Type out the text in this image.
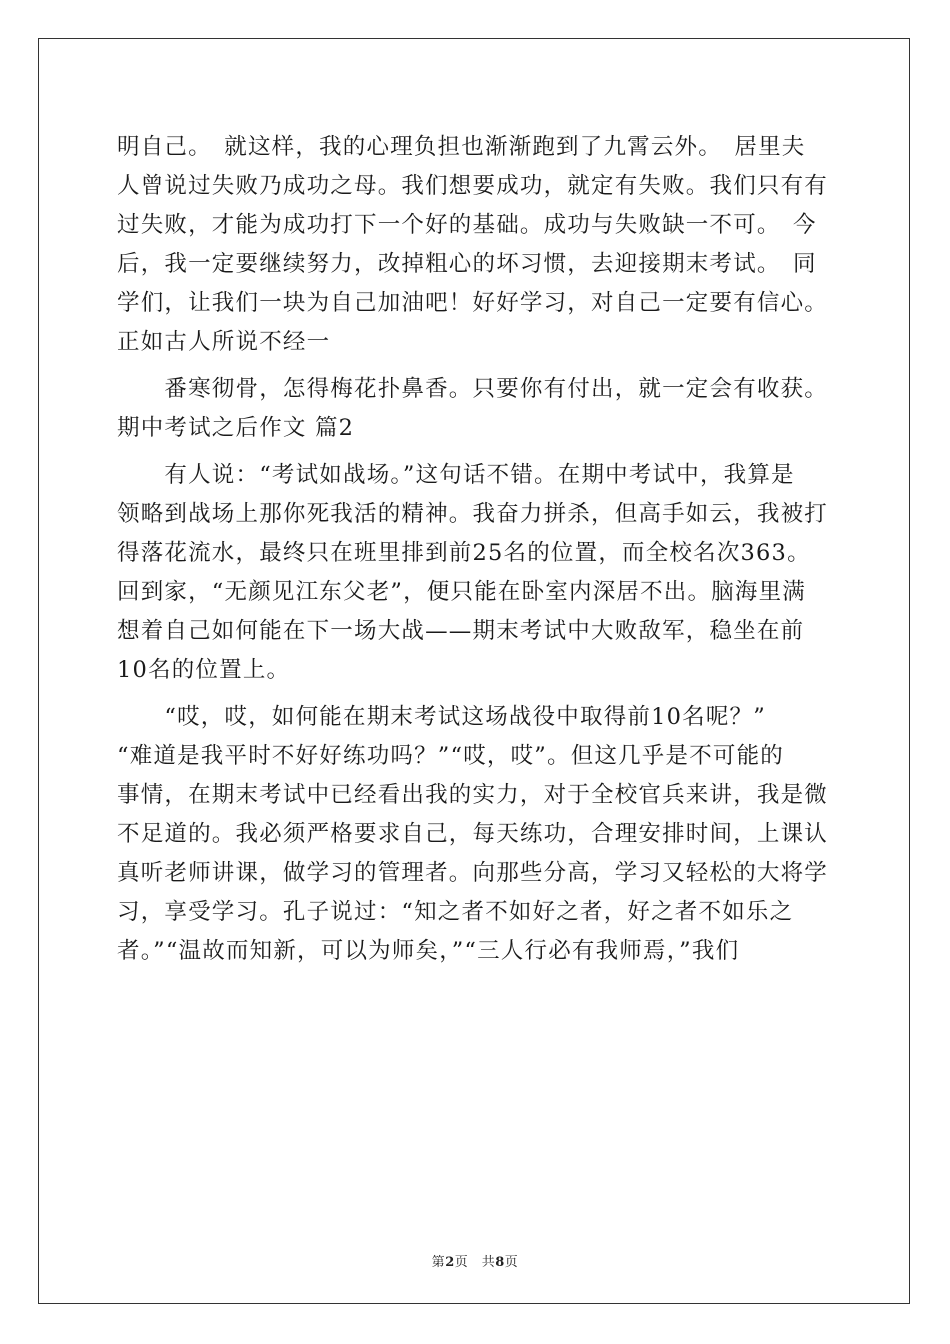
明自己。　就这样，我的心理负担也渐渐跑到了九霄云外。　居里夫
人曾说过失败乃成功之母。我们想要成功，就定有失败。我们只有有
过失败，才能为成功打下一个好的基础。成功与失败缺一不可。　今
后，我一定要继续努力，改掉粗心的坏习惯，去迎接期末考试。　同
学们，让我们一块为自己加油吧！好好学习，对自己一定要有信心。
正如古人所说不经一
　　番寒彻骨，怎得梅花扑鼻香。只要你有付出，就一定会有收获。
期中考试之后作文 篇2
　　有人说：“考试如战场。”这句话不错。在期中考试中，我算是
领略到战场上那你死我活的精神。我奋力拼杀，但高手如云，我被打
得落花流水，最终只在班里排到前25名的位置，而全校名次363。
回到家，“无颜见江东父老”，便只能在卧室内深居不出。脑海里满
想着自己如何能在下一场大战——期末考试中大败敌军，稳坐在前
10名的位置上。
　　“哎，哎，如何能在期末考试这场战役中取得前10名呢？”
“难道是我平时不好好练功吗？”“哎，哎”。但这几乎是不可能的
事情，在期末考试中已经看出我的实力，对于全校官兵来讲，我是微
不足道的。我必须严格要求自己，每天练功，合理安排时间，上课认
真听老师讲课，做学习的管理者。向那些分高，学习又轻松的大将学
习，享受学习。孔子说过：“知之者不如好之者，好之者不如乐之
者。”“温故而知新，可以为师矣，”“三人行必有我师焉，”我们
第2页　共8页
